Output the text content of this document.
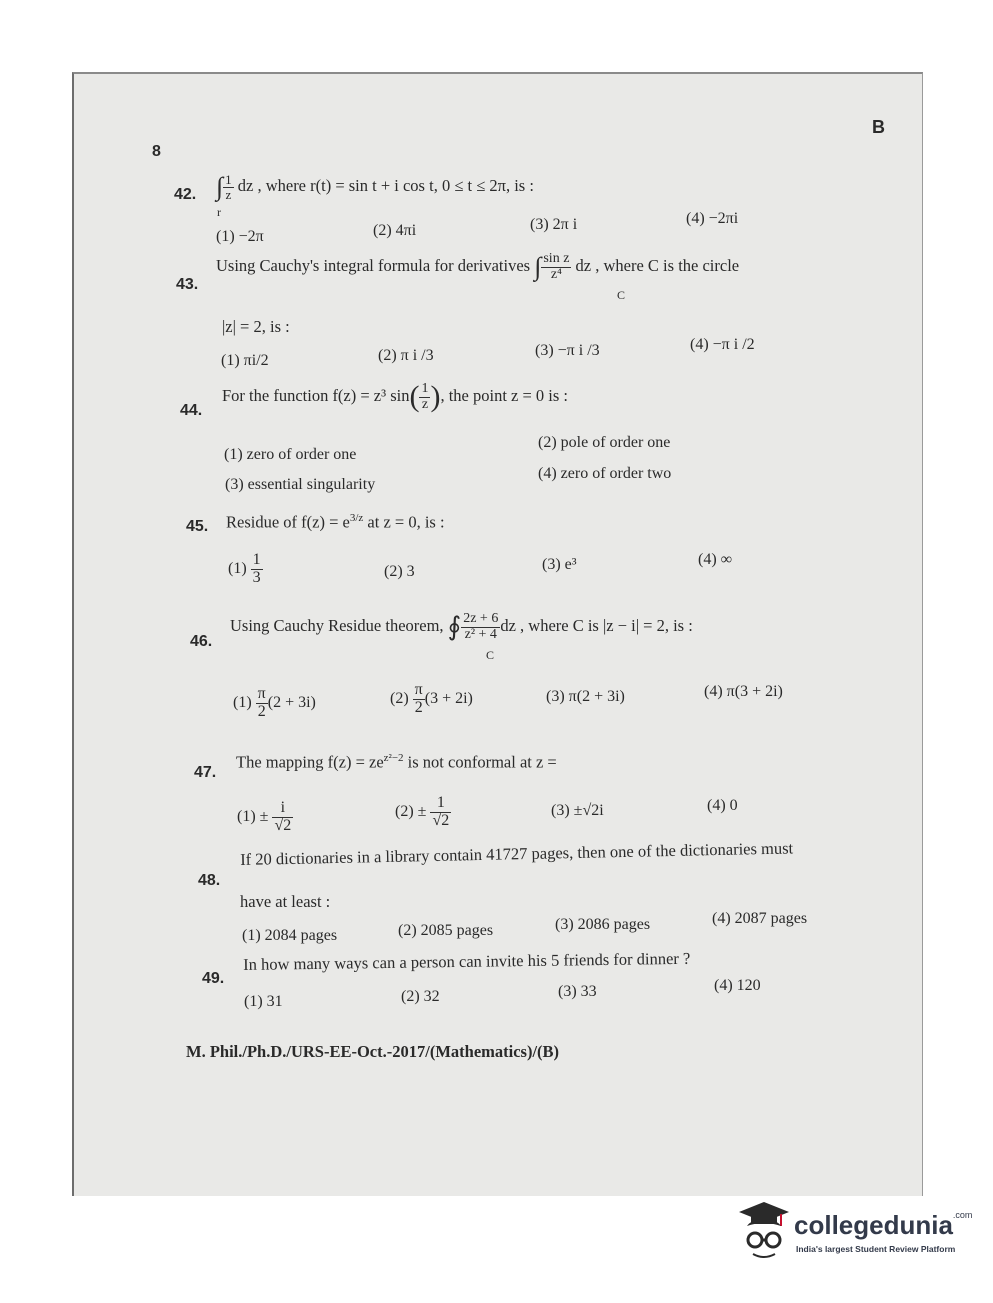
8
B
42. ∫ $\frac{1}{z}$ dz , where r(t) = sin t + i cos t, 0 ≤ t ≤ 2π, is :
r
(1) −2π	(2) 4πi	(3) 2π i	(4) −2πi
43.
Using Cauchy's integral formula for derivatives ∫ $\frac{\text{sin z}}{\text{z⁴}}$ dz , where C is the circle
C
|z| = 2, is :
(1) πi/2	(2) π i /3	(3) −π i /3	(4) −π i /2
44.
For the function f(z) = z³ $\sin( \frac{1}{z}$ ), the point z = 0 is :
(1) zero of order one
(2) pole of order one
(3) essential singularity
(4) zero of order two
45. Residue of $f(z) = e^{3/z}$ at z = 0, is :
$(1) \frac{1}{3}$	(2) 3	(3) e³	(4) ∞
46.
Using Cauchy Residue theorem, ∮ $\frac{2z + 6}{\text{z² + 4}}$ dz , where C is |z − i| = 2, is :
C
$(1) \frac{\pi}{2} (2 + 3i)$	$(2) \frac{\pi}{2} (3 + 2i)$	(3) π(2 + 3i)	(4) π(3 + 2i)
47.
The mapping $f(z) = ze^{z^2-2}$ is not conformal at z =
$(1) \pm \frac{i}{√2}$	$(2) \pm \frac{1}{√2}$	(3) ±√2i	(4) 0
48.
If 20 dictionaries in a library contain 41727 pages, then one of the dictionaries must
have at least :
(1) 2084 pages	(2) 2085 pages	(3) 2086 pages	(4) 2087 pages
49.
In how many ways can a person can invite his 5 friends for dinner ?
(1) 31	(2) 32	(3) 33	(4) 120
M. Phil./Ph.D./URS-EE-Oct.-2017/(Mathematics)/(B)
collegedunia$^{.com}$
India's largest Student Review Platform
